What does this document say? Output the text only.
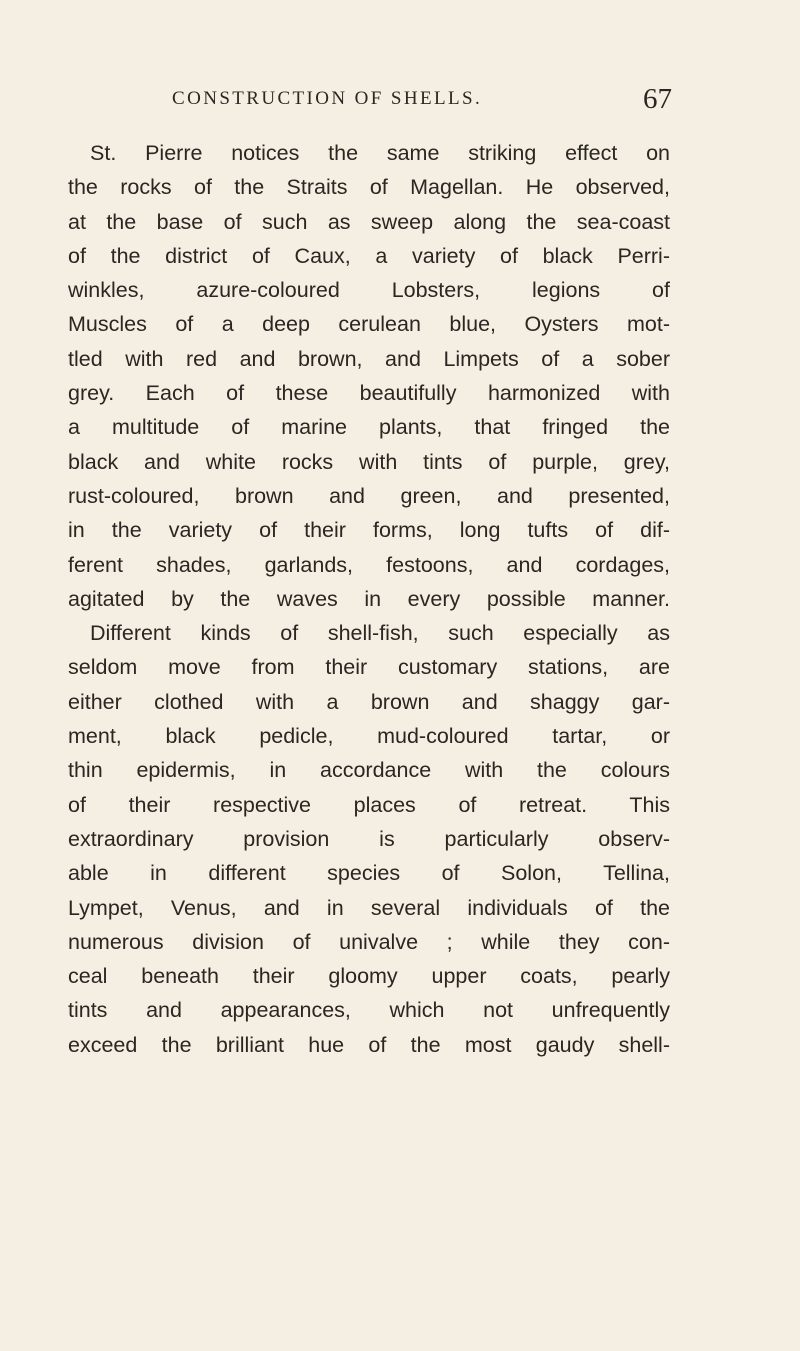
CONSTRUCTION OF SHELLS.	67
St. Pierre notices the same striking effect on
the rocks of the Straits of Magellan. He observed,
at the base of such as sweep along the sea-coast
of the district of Caux, a variety of black Perri-
winkles, azure-coloured Lobsters, legions of
Muscles of a deep cerulean blue, Oysters mot-
tled with red and brown, and Limpets of a sober
grey. Each of these beautifully harmonized with
a multitude of marine plants, that fringed the
black and white rocks with tints of purple, grey,
rust-coloured, brown and green, and presented,
in the variety of their forms, long tufts of dif-
ferent shades, garlands, festoons, and cordages,
agitated by the waves in every possible manner.
Different kinds of shell-fish, such especially as
seldom move from their customary stations, are
either clothed with a brown and shaggy gar-
ment, black pedicle, mud-coloured tartar, or
thin epidermis, in accordance with the colours
of their respective places of retreat. This
extraordinary provision is particularly observ-
able in different species of Solon, Tellina,
Lympet, Venus, and in several individuals of the
numerous division of univalve ; while they con-
ceal beneath their gloomy upper coats, pearly
tints and appearances, which not unfrequently
exceed the brilliant hue of the most gaudy shell-
